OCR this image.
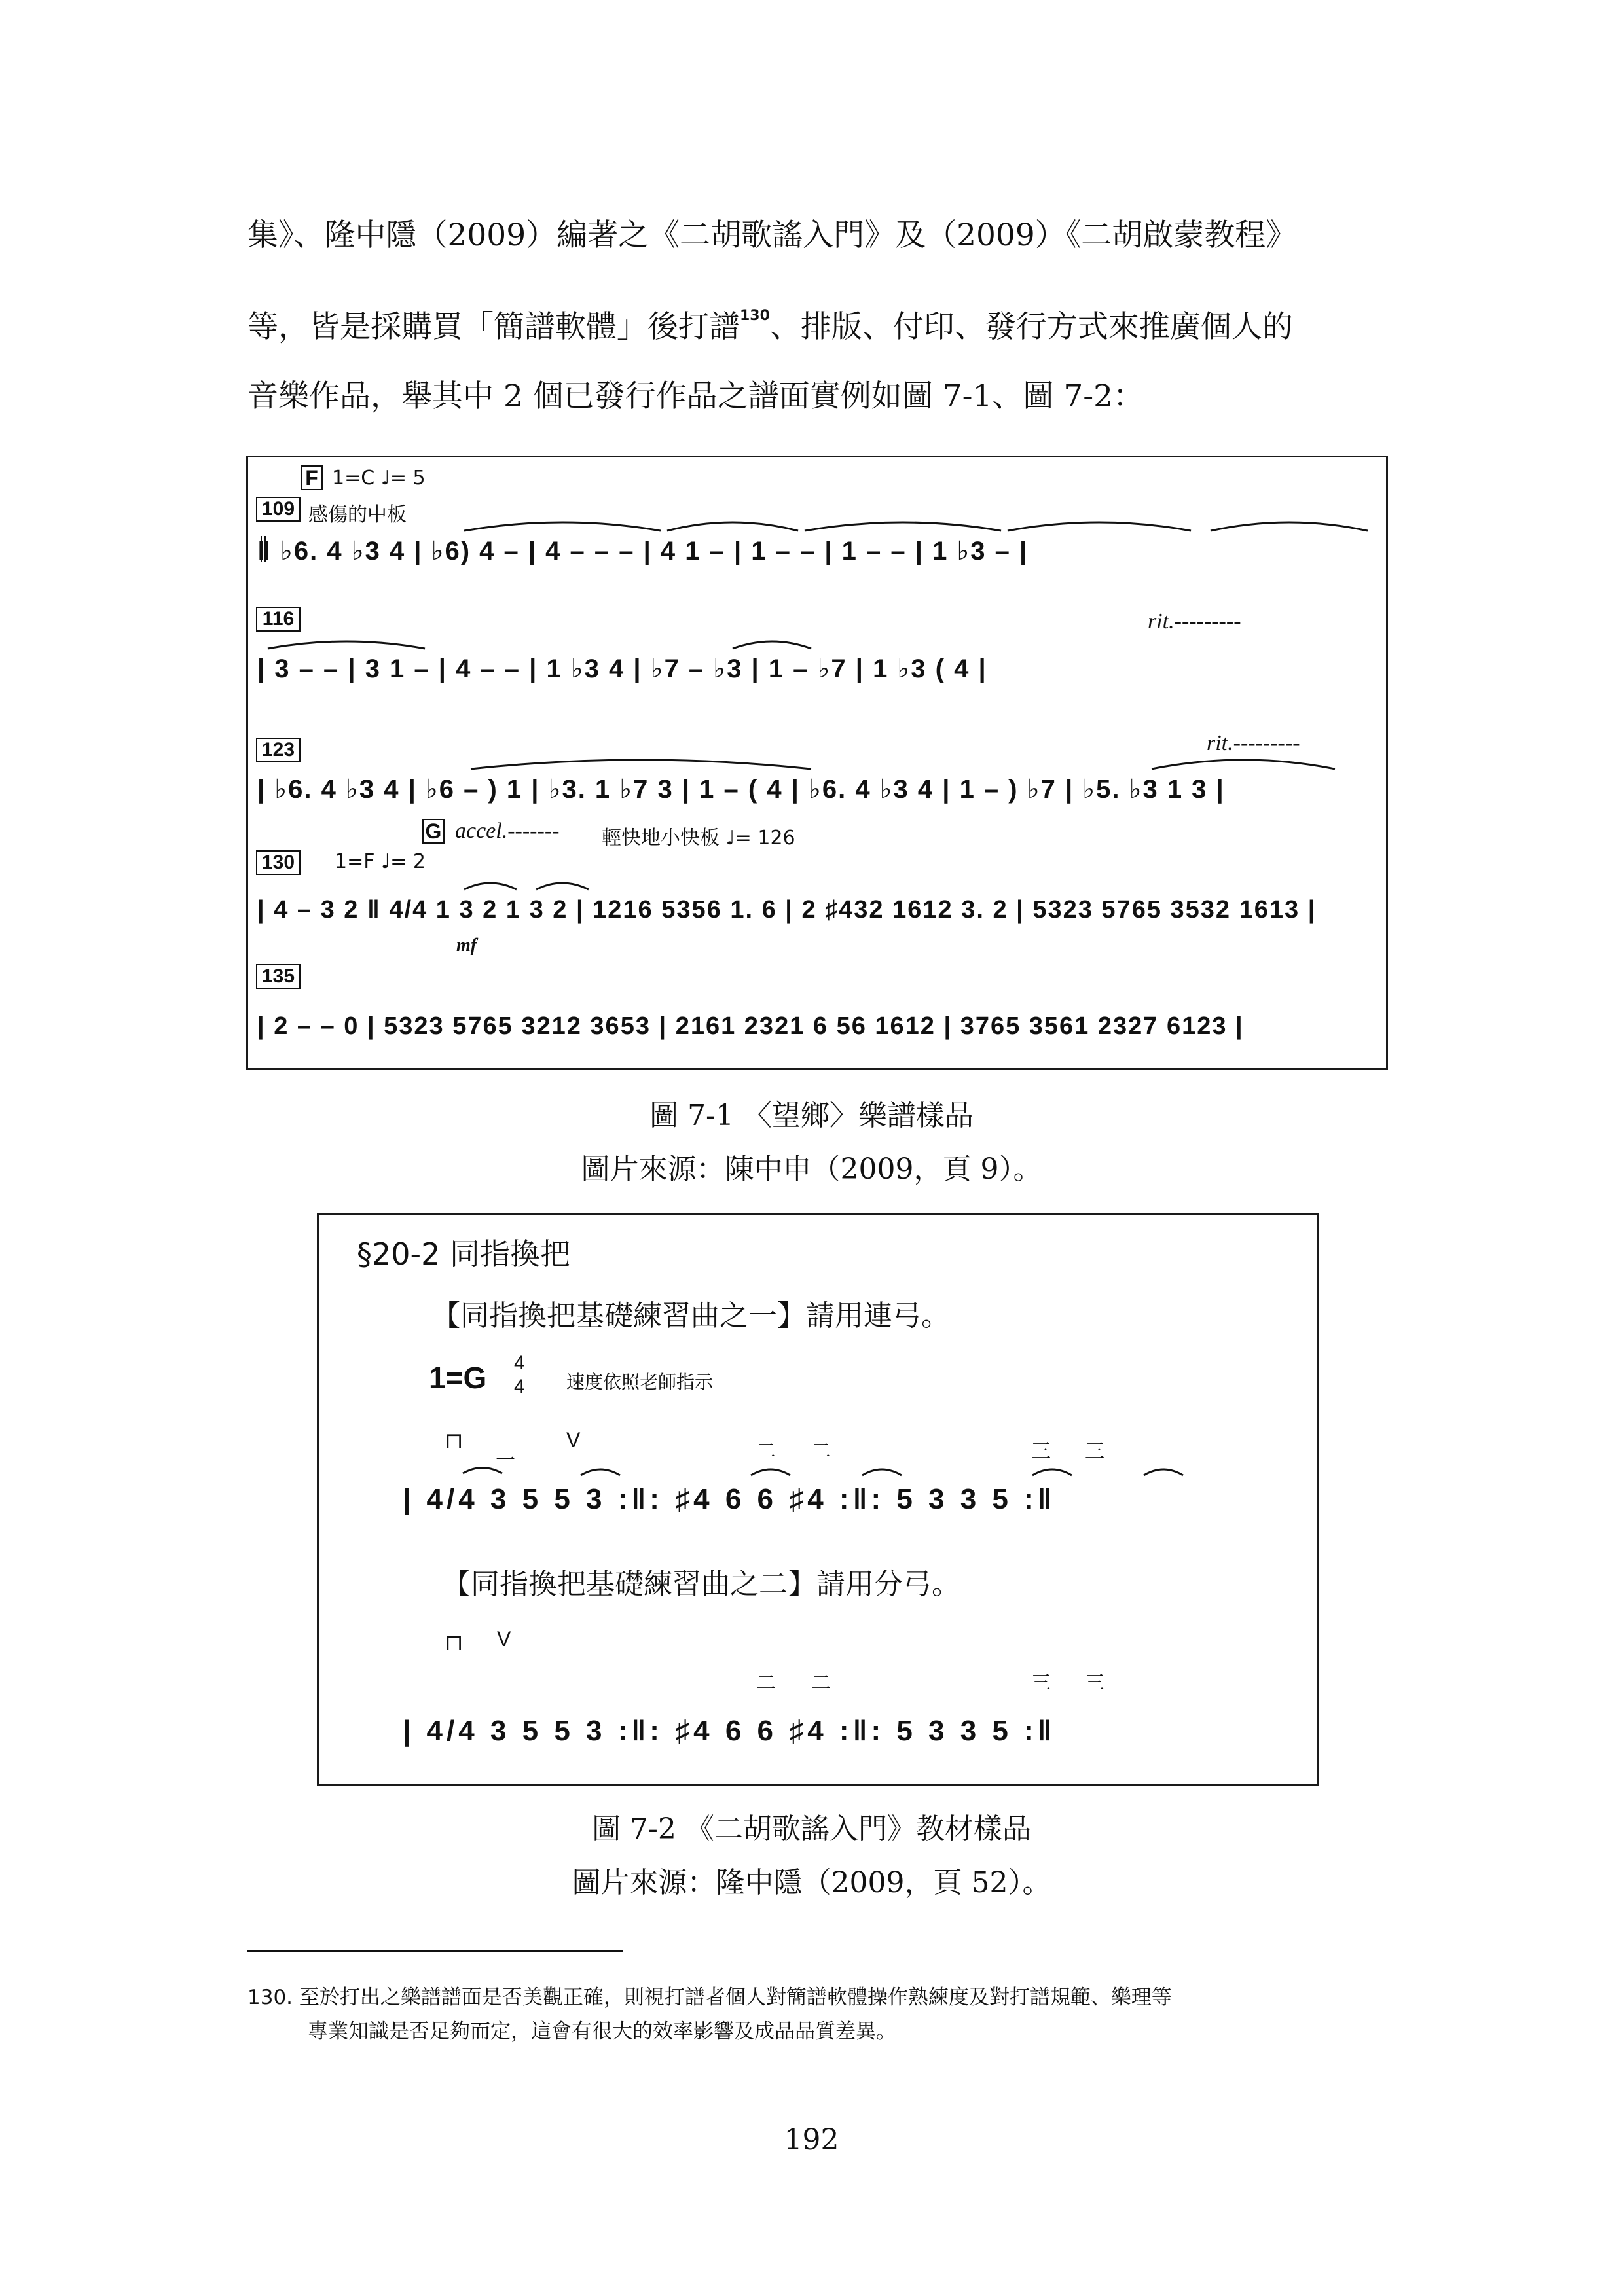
集》、隆中隱（2009）編著之《二胡歌謠入門》及（2009）《二胡啟蒙教程》
等，皆是採購買「簡譜軟體」後打譜$^{130}$、排版、付印、發行方式來推廣個人的
音樂作品，舉其中 2 個已發行作品之譜面實例如圖 7-1、圖 7-2：
F 1=C ♩= 5
109 感傷的中板
‖ ♭6. 4 ♭3 4 | ♭6) 4 – | 4 – – – | 4 1 – | 1 – – | 1 – – | 1 ♭3 – |
116	rit.---------
| 3 – – | 3 1 – | 4 – – | 1 ♭3 4 | ♭7 – ♭3 | 1 – ♭7 | 1 ♭3 ( 4 |
123	rit.---------
| ♭6. 4 ♭3 4 | ♭6 – ) 1 | ♭3. 1 ♭7 3 | 1 – ( 4 | ♭6. 4 ♭3 4 | 1 – ) ♭7 | ♭5. ♭3 1 3 |
G accel.------- 輕快地小快板 ♩= 126
130 1=F ♩= 2
| 4 – 3 2 ‖ 4/4 1 3 2 1 3 2 | 1216 5356 1. 6 | 2 ♯432 1612 3. 2 | 5323 5765 3532 1613 |
mf
135
| 2 – – 0 | 5323 5765 3212 3653 | 2161 2321 6 56 1612 | 3765 3561 2327 6123 |
圖 7-1 〈望鄉〉樂譜樣品
圖片來源：陳中申（2009，頁 9）。
§20-2 同指換把
【同指換把基礎練習曲之一】請用連弓。
1=G 4
4 速度依照老師指示
⊓
一
V	二 二	三 三
| 4/4 3 5 5 3 :‖: ♯4 6 6 ♯4 :‖: 5 3 3 5 :‖
【同指換把基礎練習曲之二】請用分弓。
⊓ V
二 二	三 三
| 4/4 3 5 5 3 :‖: ♯4 6 6 ♯4 :‖: 5 3 3 5 :‖
圖 7-2 《二胡歌謠入門》教材樣品
圖片來源：隆中隱（2009，頁 52）。
130. 至於打出之樂譜譜面是否美觀正確，則視打譜者個人對簡譜軟體操作熟練度及對打譜規範、樂理等
專業知識是否足夠而定，這會有很大的效率影響及成品品質差異。
192
